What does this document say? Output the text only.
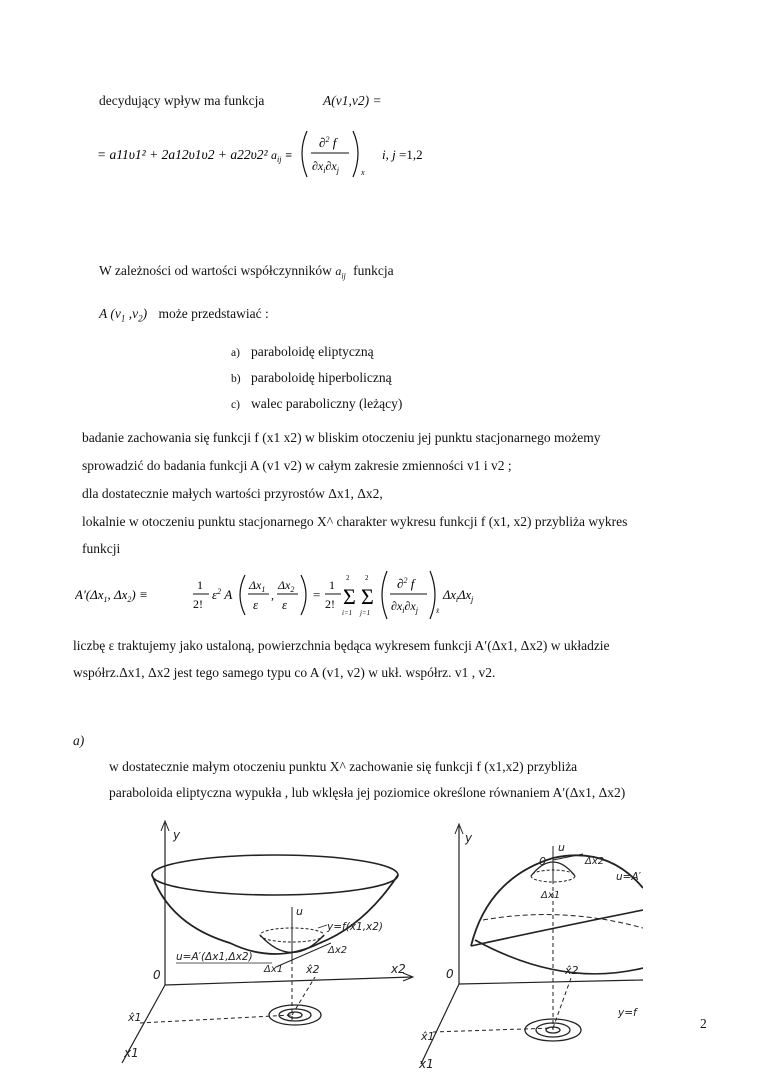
decydujący wpływ ma funkcja	A(v1,v2) =
= a11υ1² + 2a12υ1υ2 + a22υ2² $a_{ij}$ ≡
∂$^2$ f
$\partial x_i\partial x_j$	x
i, j =1,2
W zależności od wartości współczynników $a_{ij}$ funkcja
A ($v_1$ $,v_2$) może przedstawiać :
a) paraboloidę eliptyczną
b) paraboloidę hiperboliczną
c) walec paraboliczny (leżący)
badanie zachowania się funkcji f (x1 x2) w bliskim otoczeniu jej punktu stacjonarnego możemy
sprowadzić do badania funkcji A (v1 v2) w całym zakresie zmienności v1 i v2 ;
dla dostatecznie małych wartości przyrostów Δx1, Δx2,
lokalnie w otoczeniu punktu stacjonarnego X^ charakter wykresu funkcji f (x1, x2) przybliża wykres
funkcji
$A'(\Delta x_1$, $\Delta x_2$) ≡
1
2!
$\varepsilon^2$ A
$\Delta x_1$
ε
,
$\Delta x_2$
ε
=
1
2! Σ
2
i=1
Σ
2
j=1
∂$^2$ f
$\partial x_i\partial x_j$	x̂
$\Delta x_i\Delta x_j$
liczbę ε traktujemy jako ustaloną, powierzchnia będąca wykresem funkcji A′(Δx1, Δx2) w układzie
współrz.Δx1, Δx2 jest tego samego typu co A (v1, v2) w ukł. współrz. v1 , v2.
a)
w dostatecznie małym otoczeniu punktu X^ zachowanie się funkcji f (x1,x2) przybliża
paraboloida eliptyczna wypukła , lub wklęsła jej poziomice określone równaniem A′(Δx1, Δx2)
y
u
0	x2
x1
x̂1
x̂2
u=A′(Δx1,Δx2)
y=f(x1,x2)
Δx1
Δx2
y
u
0
0
u=A′
y=f
Δx1
Δx2
x̂1
x̂2
x1
2
